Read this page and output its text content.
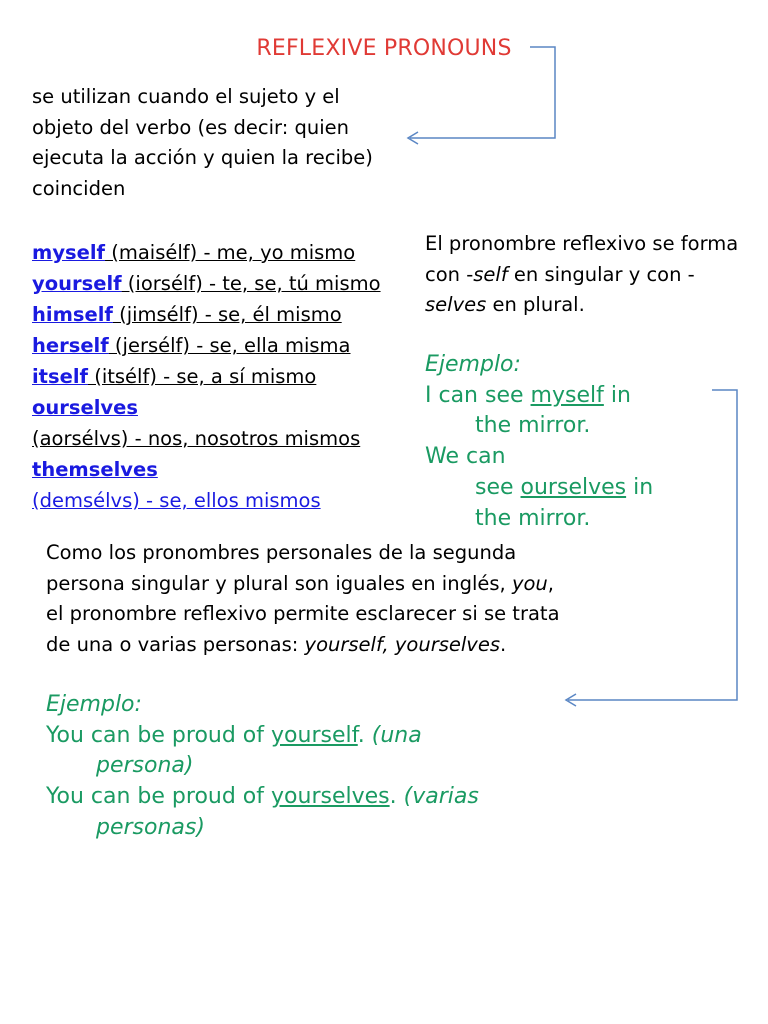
REFLEXIVE PRONOUNS
se utilizan cuando el sujeto y el objeto del verbo (es decir: quien ejecuta la acción y quien la recibe) coinciden
myself (maisélf) - me, yo mismo
yourself (iorsélf) - te, se, tú mismo
himself (jimsélf) - se, él mismo
herself (jersélf) - se, ella misma
itself (itsélf) - se, a sí mismo
ourselves
(aorsélvs) - nos, nosotros mismos
themselves
(demsélvs) - se, ellos mismos
El pronombre reflexivo se forma con -self en singular y con -selves en plural.
Ejemplo:
I can see myself in
the mirror.
We can
see ourselves in
the mirror.
Como los pronombres personales de la segunda persona singular y plural son iguales en inglés, you, el pronombre reflexivo permite esclarecer si se trata de una o varias personas: yourself, yourselves.
Ejemplo:
You can be proud of yourself. (una
persona)
You can be proud of yourselves. (varias
personas)
